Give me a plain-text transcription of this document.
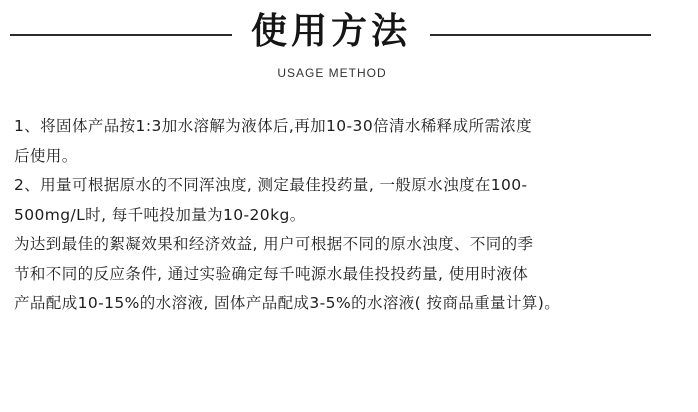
使用方法
USAGE METHOD

1、将固体产品按1:3加水溶解为液体后,再加10-30倍清水稀释成所需浓度
后使用。

2、用量可根据原水的不同浑浊度, 测定最佳投药量, 一般原水浊度在100-
500mg/L时, 每千吨投加量为10-20kg。

为达到最佳的絮凝效果和经济效益, 用户可根据不同的原水浊度、不同的季
节和不同的反应条件, 通过实验确定每千吨源水最佳投投药量, 使用时液体
产品配成10-15%的水溶液, 固体产品配成3-5%的水溶液( 按商品重量计算)。
